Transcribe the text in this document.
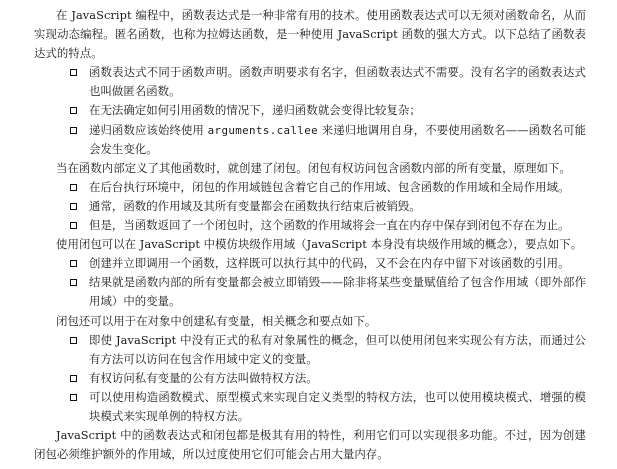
在 JavaScript 编程中，函数表达式是一种非常有用的技术。使用函数表达式可以无须对函数命名，从而实现动态编程。匿名函数，也称为拉姆达函数，是一种使用 JavaScript 函数的强大方式。以下总结了函数表达式的特点。

函数表达式不同于函数声明。函数声明要求有名字，但函数表达式不需要。没有名字的函数表达式也叫做匿名函数。
在无法确定如何引用函数的情况下，递归函数就会变得比较复杂；
递归函数应该始终使用 arguments.callee 来递归地调用自身，不要使用函数名——函数名可能会发生变化。

当在函数内部定义了其他函数时，就创建了闭包。闭包有权访问包含函数内部的所有变量，原理如下。

在后台执行环境中，闭包的作用域链包含着它自己的作用域、包含函数的作用域和全局作用域。
通常，函数的作用域及其所有变量都会在函数执行结束后被销毁。
但是，当函数返回了一个闭包时，这个函数的作用域将会一直在内存中保存到闭包不存在为止。

使用闭包可以在 JavaScript 中模仿块级作用域（JavaScript 本身没有块级作用域的概念），要点如下。

创建并立即调用一个函数，这样既可以执行其中的代码，又不会在内存中留下对该函数的引用。
结果就是函数内部的所有变量都会被立即销毁——除非将某些变量赋值给了包含作用域（即外部作用域）中的变量。

闭包还可以用于在对象中创建私有变量，相关概念和要点如下。

即使 JavaScript 中没有正式的私有对象属性的概念，但可以使用闭包来实现公有方法，而通过公有方法可以访问在包含作用域中定义的变量。
有权访问私有变量的公有方法叫做特权方法。
可以使用构造函数模式、原型模式来实现自定义类型的特权方法，也可以使用模块模式、增强的模块模式来实现单例的特权方法。

JavaScript 中的函数表达式和闭包都是极其有用的特性，利用它们可以实现很多功能。不过，因为创建闭包必须维护额外的作用域，所以过度使用它们可能会占用大量内存。
